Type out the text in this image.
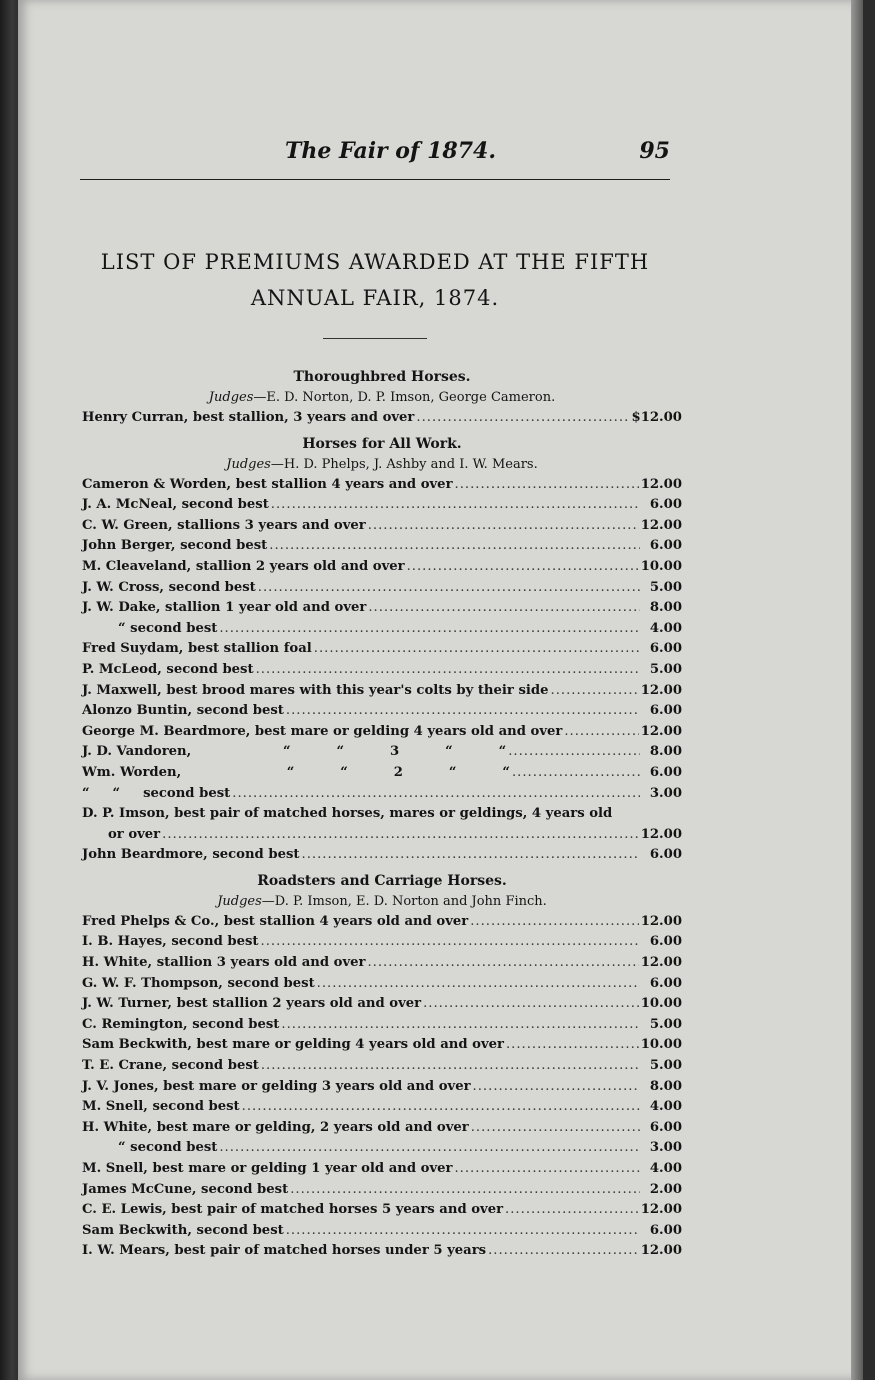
The Fair of 1874.	95
LIST OF PREMIUMS AWARDED AT THE FIFTH
ANNUAL FAIR, 1874.
Thoroughbred Horses.
Judges—E. D. Norton, D. P. Imson, George Cameron.
Henry Curran, best stallion, 3 years and over .....	$12.00
Horses for All Work.
Judges—H. D. Phelps, J. Ashby and I. W. Mears.
Cameron & Worden, best stallion 4 years and over .....	12.00
J. A. McNeal, second best .....	6.00
C. W. Green, stallions 3 years and over .....	12.00
John Berger, second best .....	6.00
M. Cleaveland, stallion 2 years old and over .....	10.00
J. W. Cross, second best .....	5.00
J. W. Dake, stallion 1 year old and over .....	8.00
“ second best .....	4.00
Fred Suydam, best stallion foal .....	6.00
P. McLeod, second best .....	5.00
J. Maxwell, best brood mares with this year's colts by their side .....	12.00
Alonzo Buntin, second best .....	6.00
George M. Beardmore, best mare or gelding 4 years old and over .....	12.00
J. D. Vandoren,                    “          “          3          “          “ .....	8.00
Wm. Worden,                       “          “          2          “          “ .....	6.00
“     “     second best .....	3.00
D. P. Imson, best pair of matched horses, mares or geldings, 4 years old
or over .....	12.00
John Beardmore, second best .....	6.00
Roadsters and Carriage Horses.
Judges—D. P. Imson, E. D. Norton and John Finch.
Fred Phelps & Co., best stallion 4 years old and over .....	12.00
I. B. Hayes, second best .....	6.00
H. White, stallion 3 years old and over .....	12.00
G. W. F. Thompson, second best .....	6.00
J. W. Turner, best stallion 2 years old and over .....	10.00
C. Remington, second best .....	5.00
Sam Beckwith, best mare or gelding 4 years old and over .....	10.00
T. E. Crane, second best .....	5.00
J. V. Jones, best mare or gelding 3 years old and over .....	8.00
M. Snell, second best .....	4.00
H. White, best mare or gelding, 2 years old and over .....	6.00
“ second best .....	3.00
M. Snell, best mare or gelding 1 year old and over .....	4.00
James McCune, second best .....	2.00
C. E. Lewis, best pair of matched horses 5 years and over .....	12.00
Sam Beckwith, second best .....	6.00
I. W. Mears, best pair of matched horses under 5 years .....	12.00
